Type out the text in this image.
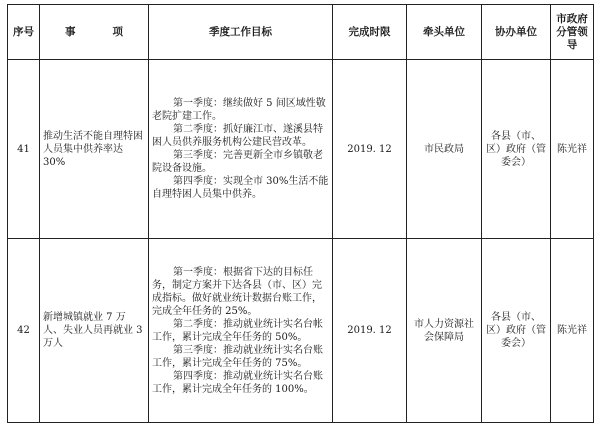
序号	事 项	季度工作目标	完成时限	牵头单位	协办单位	市政府
分管领导

41	推动生活不能自理特困人员集中供养率达 30%	第一季度：继续做好 5 间区域性敬老院扩建工作。
第二季度：抓好廉江市、遂溪县特困人员供养服务机构公建民营改革。
第三季度：完善更新全市乡镇敬老院设备设施。
第四季度：实现全市 30%生活不能自理特困人员集中供养。	2019. 12	市民政局	各县（市、区）政府（管委会）	陈光祥
42	新增城镇就业 7 万人、失业人员再就业 3 万人	第一季度：根据省下达的目标任务，制定方案并下达各县（市、区）完成指标。做好就业统计数据台账工作，完成全年任务的 25%。
第二季度：推动就业统计实名台帐工作，累计完成全年任务的 50%。
第三季度：推动就业统计实名台账工作，累计完成全年任务的 75%。
第四季度：推动就业统计实名台账工作，累计完成全年任务的 100%。	2019. 12	市人力资源社会保障局	各县（市、区）政府（管委会）	陈光祥
